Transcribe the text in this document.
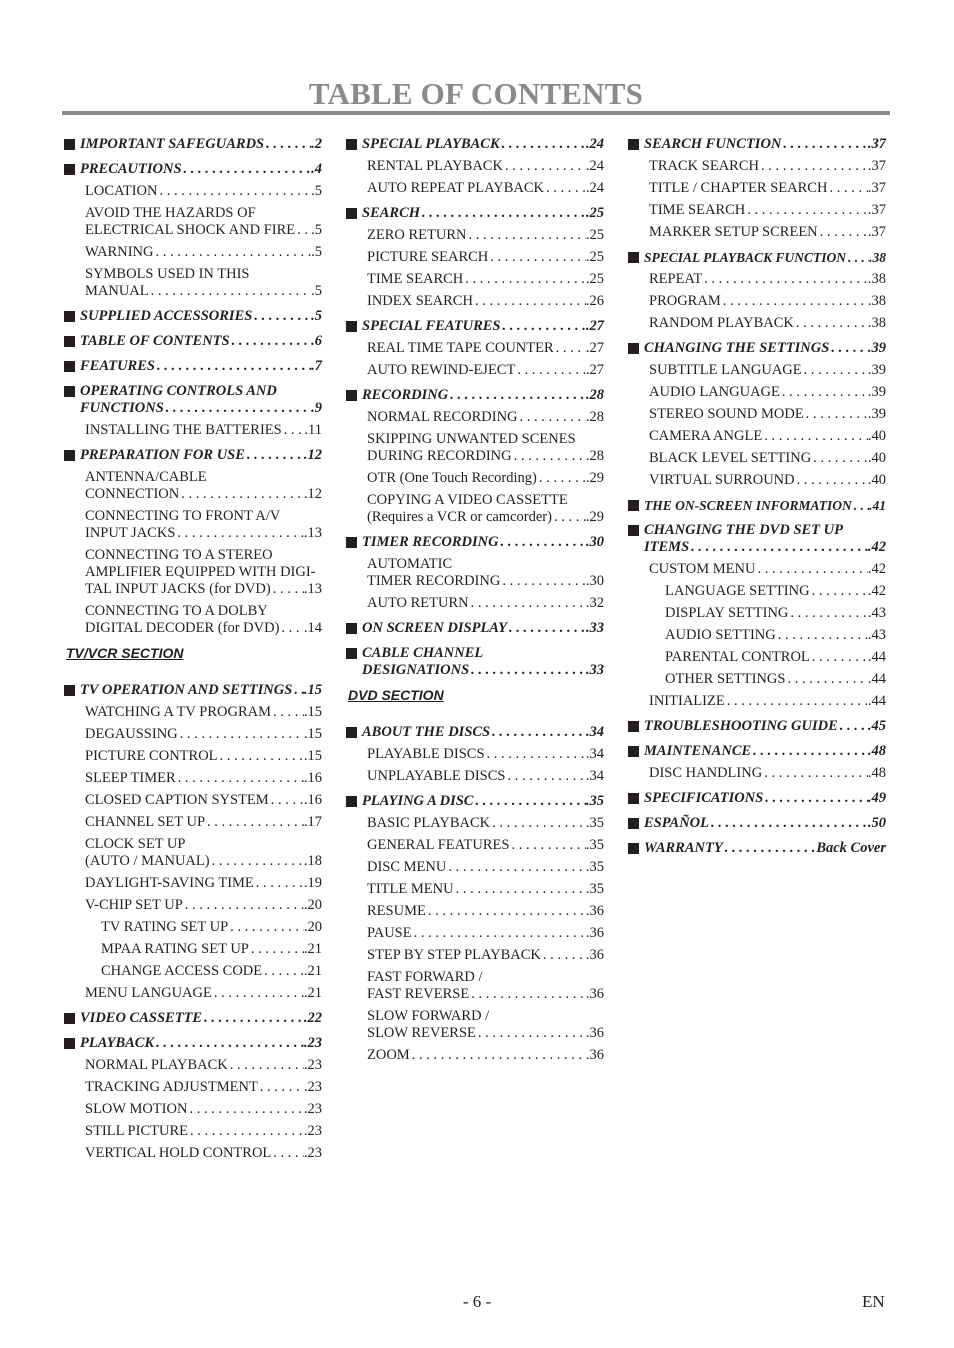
TABLE OF CONTENTS
IMPORTANT SAFEGUARDS . . .	.2
PRECAUTIONS . . .	.4
LOCATION . . .	.5
AVOID THE HAZARDS OF
ELECTRICAL SHOCK AND FIRE . . . .5
WARNING . . .	.5
SYMBOLS USED IN THIS
MANUAL . . .	.5
SUPPLIED ACCESSORIES . . .	.5
TABLE OF CONTENTS . . .	.6
FEATURES . . .	.7
OPERATING CONTROLS AND
FUNCTIONS . . .	.9
INSTALLING THE BATTERIES . . . .11
PREPARATION FOR USE . . .	.12
ANTENNA/CABLE
CONNECTION . . .	.12
CONNECTING TO FRONT A/V
INPUT JACKS . . .	.13
CONNECTING TO A STEREO
AMPLIFIER EQUIPPED WITH DIGI-
TAL INPUT JACKS (for DVD) . . . .13
CONNECTING TO A DOLBY
DIGITAL DECODER (for DVD) . . . .14
TV/VCR SECTION
TV OPERATION AND SETTINGS . . . .15
WATCHING A TV PROGRAM . . . .15
DEGAUSSING . . .	.15
PICTURE CONTROL . . .	.15
SLEEP TIMER . . .	.16
CLOSED CAPTION SYSTEM . . . .16
CHANNEL SET UP . . .	.17
CLOCK SET UP
(AUTO / MANUAL) . . .	.18
DAYLIGHT-SAVING TIME . . .	.19
V-CHIP SET UP . . .	.20
TV RATING SET UP . . .	.20
MPAA RATING SET UP . . .	.21
CHANGE ACCESS CODE . . .	.21
MENU LANGUAGE . . .	.21
VIDEO CASSETTE . . .	.22
PLAYBACK . . .	.23
NORMAL PLAYBACK . . .	.23
TRACKING ADJUSTMENT . . .	.23
SLOW MOTION . . .	.23
STILL PICTURE . . .	.23
VERTICAL HOLD CONTROL . . . .23
SPECIAL PLAYBACK . . .	.24
RENTAL PLAYBACK . . .	.24
AUTO REPEAT PLAYBACK . . .	.24
SEARCH . . .	.25
ZERO RETURN . . .	.25
PICTURE SEARCH . . .	.25
TIME SEARCH . . .	.25
INDEX SEARCH . . .	.26
SPECIAL FEATURES . . .	.27
REAL TIME TAPE COUNTER . . . .27
AUTO REWIND-EJECT . . .	.27
RECORDING . . .	.28
NORMAL RECORDING . . .	.28
SKIPPING UNWANTED SCENES
DURING RECORDING . . .	.28
OTR (One Touch Recording) . . .	.29
COPYING A VIDEO CASSETTE
(Requires a VCR or camcorder) . . . .29
TIMER RECORDING . . .	.30
AUTOMATIC
TIMER RECORDING . . .	.30
AUTO RETURN . . .	.32
ON SCREEN DISPLAY . . .	.33
CABLE CHANNEL
DESIGNATIONS . . .	.33
DVD SECTION
ABOUT THE DISCS . . .	.34
PLAYABLE DISCS . . .	.34
UNPLAYABLE DISCS . . .	.34
PLAYING A DISC . . .	.35
BASIC PLAYBACK . . .	.35
GENERAL FEATURES . . .	.35
DISC MENU . . .	.35
TITLE MENU . . .	.35
RESUME . . .	.36
PAUSE . . .	.36
STEP BY STEP PLAYBACK . . .	.36
FAST FORWARD /
FAST REVERSE . . .	.36
SLOW FORWARD /
SLOW REVERSE . . .	.36
ZOOM . . .	.36
SEARCH FUNCTION . . .	.37
TRACK SEARCH . . .	.37
TITLE / CHAPTER SEARCH . . .	.37
TIME SEARCH . . .	.37
MARKER SETUP SCREEN . . .	.37
SPECIAL PLAYBACK FUNCTION . . . .38
REPEAT . . .	.38
PROGRAM . . .	.38
RANDOM PLAYBACK . . .	.38
CHANGING THE SETTINGS . . .	.39
SUBTITLE LANGUAGE . . .	.39
AUDIO LANGUAGE . . .	.39
STEREO SOUND MODE . . .	.39
CAMERA ANGLE . . .	.40
BLACK LEVEL SETTING . . .	.40
VIRTUAL SURROUND . . .	.40
THE ON-SCREEN INFORMATION . . . .41
CHANGING THE DVD SET UP
ITEMS . . .	.42
CUSTOM MENU . . .	.42
LANGUAGE SETTING . . .	.42
DISPLAY SETTING . . .	.43
AUDIO SETTING . . .	.43
PARENTAL CONTROL . . .	.44
OTHER SETTINGS . . .	.44
INITIALIZE . . .	.44
TROUBLESHOOTING GUIDE . . . .45
MAINTENANCE . . .	.48
DISC HANDLING . . .	.48
SPECIFICATIONS . . .	.49
ESPAÑOL . . .	.50
WARRANTY . . .	Back Cover
- 6 -	EN
